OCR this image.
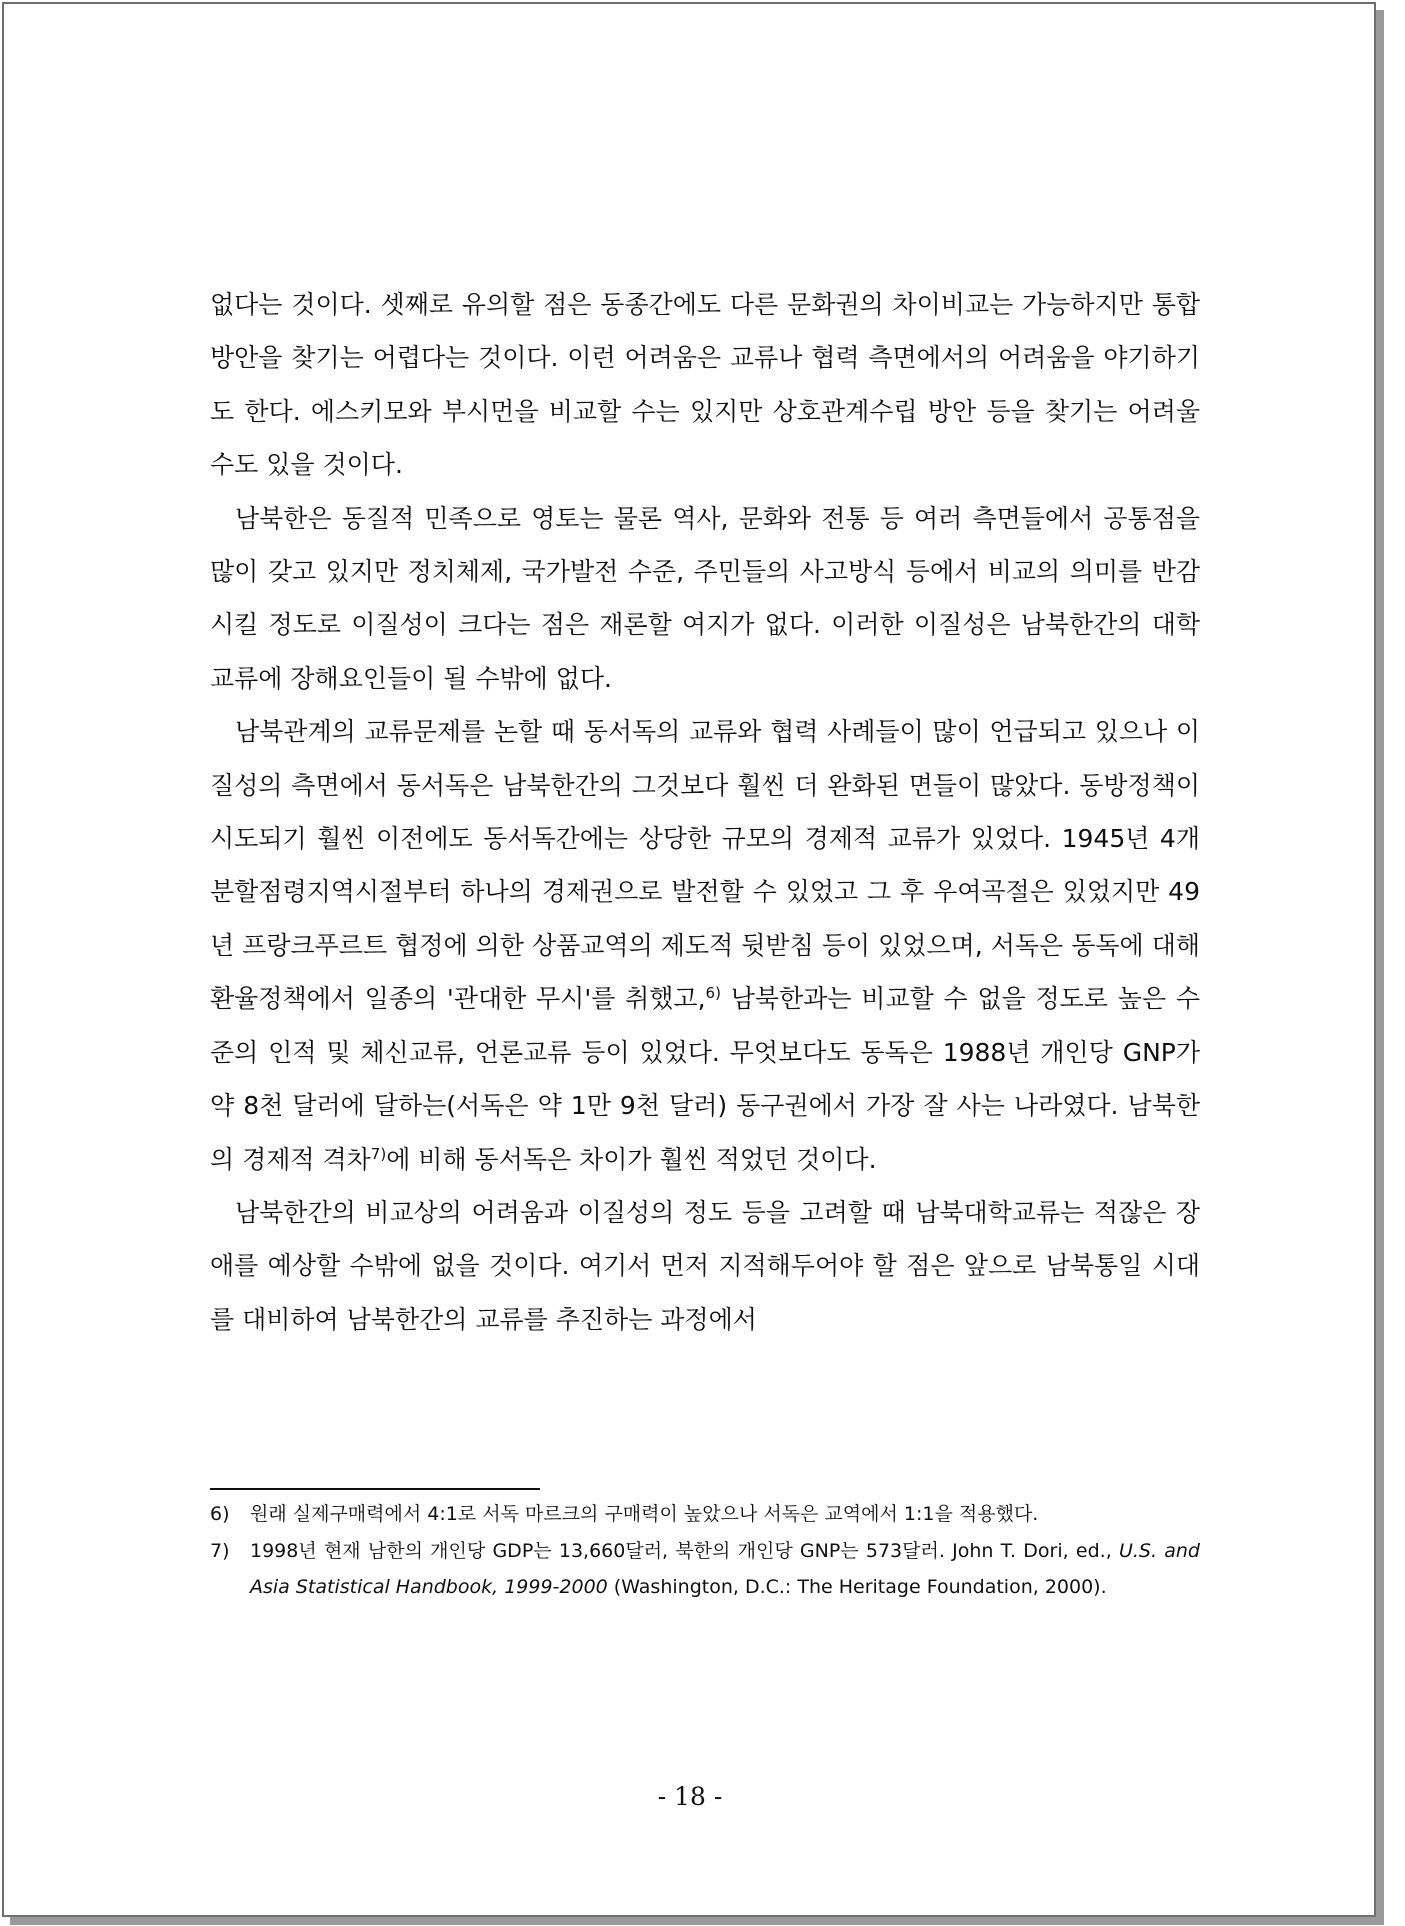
없다는 것이다. 셋째로 유의할 점은 동종간에도 다른 문화권의 차이비교는 가능하지만 통합방안을 찾기는 어렵다는 것이다. 이런 어려움은 교류나 협력 측면에서의 어려움을 야기하기도 한다. 에스키모와 부시먼을 비교할 수는 있지만 상호관계수립 방안 등을 찾기는 어려울 수도 있을 것이다.

남북한은 동질적 민족으로 영토는 물론 역사, 문화와 전통 등 여러 측면들에서 공통점을 많이 갖고 있지만 정치체제, 국가발전 수준, 주민들의 사고방식 등에서 비교의 의미를 반감시킬 정도로 이질성이 크다는 점은 재론할 여지가 없다. 이러한 이질성은 남북한간의 대학 교류에 장해요인들이 될 수밖에 없다.

남북관계의 교류문제를 논할 때 동서독의 교류와 협력 사례들이 많이 언급되고 있으나 이질성의 측면에서 동서독은 남북한간의 그것보다 훨씬 더 완화된 면들이 많았다. 동방정책이 시도되기 훨씬 이전에도 동서독간에는 상당한 규모의 경제적 교류가 있었다. 1945년 4개 분할점령지역시절부터 하나의 경제권으로 발전할 수 있었고 그 후 우여곡절은 있었지만 49년 프랑크푸르트 협정에 의한 상품교역의 제도적 뒷받침 등이 있었으며, 서독은 동독에 대해 환율정책에서 일종의 '관대한 무시'를 취했고,$^{6)}$ 남북한과는 비교할 수 없을 정도로 높은 수준의 인적 및 체신교류, 언론교류 등이 있었다. 무엇보다도 동독은 1988년 개인당 GNP가 약 8천 달러에 달하는(서독은 약 1만 9천 달러) 동구권에서 가장 잘 사는 나라였다. 남북한의 경제적 격차$^{7)}$에 비해 동서독은 차이가 훨씬 적었던 것이다.

남북한간의 비교상의 어려움과 이질성의 정도 등을 고려할 때 남북대학교류는 적잖은 장애를 예상할 수밖에 없을 것이다. 여기서 먼저 지적해두어야 할 점은 앞으로 남북통일 시대를 대비하여 남북한간의 교류를 추진하는 과정에서

6)	원래 실제구매력에서 4:1로 서독 마르크의 구매력이 높았으나 서독은 교역에서 1:1을 적용했다.
7)	1998년 현재 남한의 개인당 GDP는 13,660달러, 북한의 개인당 GNP는 573달러. John T. Dori, ed., U.S. and Asia Statistical Handbook, 1999-2000 (Washington, D.C.: The Heritage Foundation, 2000).
- 18 -
